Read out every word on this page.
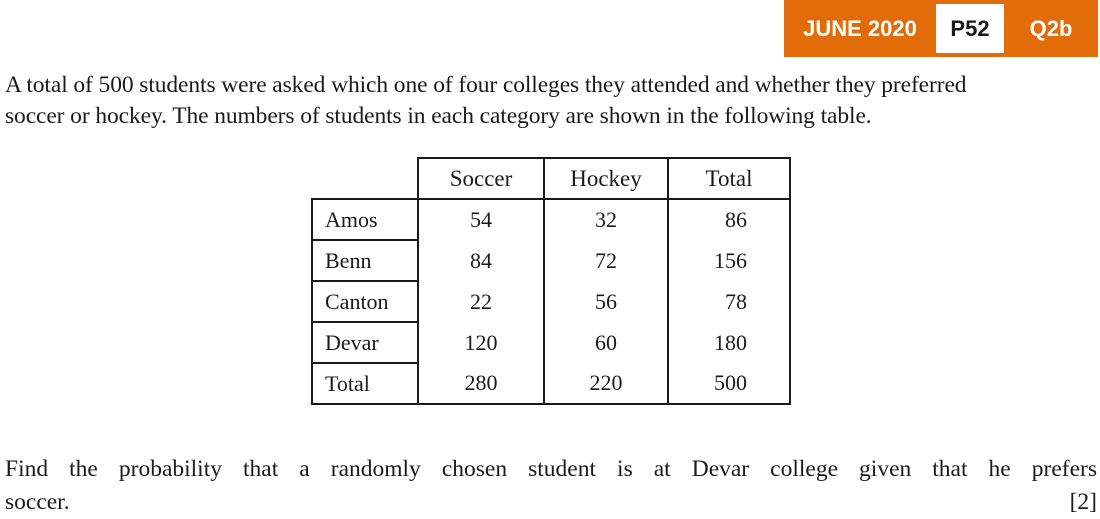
JUNE 2020	P52	Q2b

A total of 500 students were asked which one of four colleges they attended and whether they preferred
soccer or hockey. The numbers of students in each category are shown in the following table.

	Soccer	Hockey	Total
Amos	54	32	86
Benn	84	72	156
Canton	22	56	78
Devar	120	60	180
Total	280	220	500
Find the probability that a randomly chosen student is at Devar college given that he prefers
soccer.	[2]
